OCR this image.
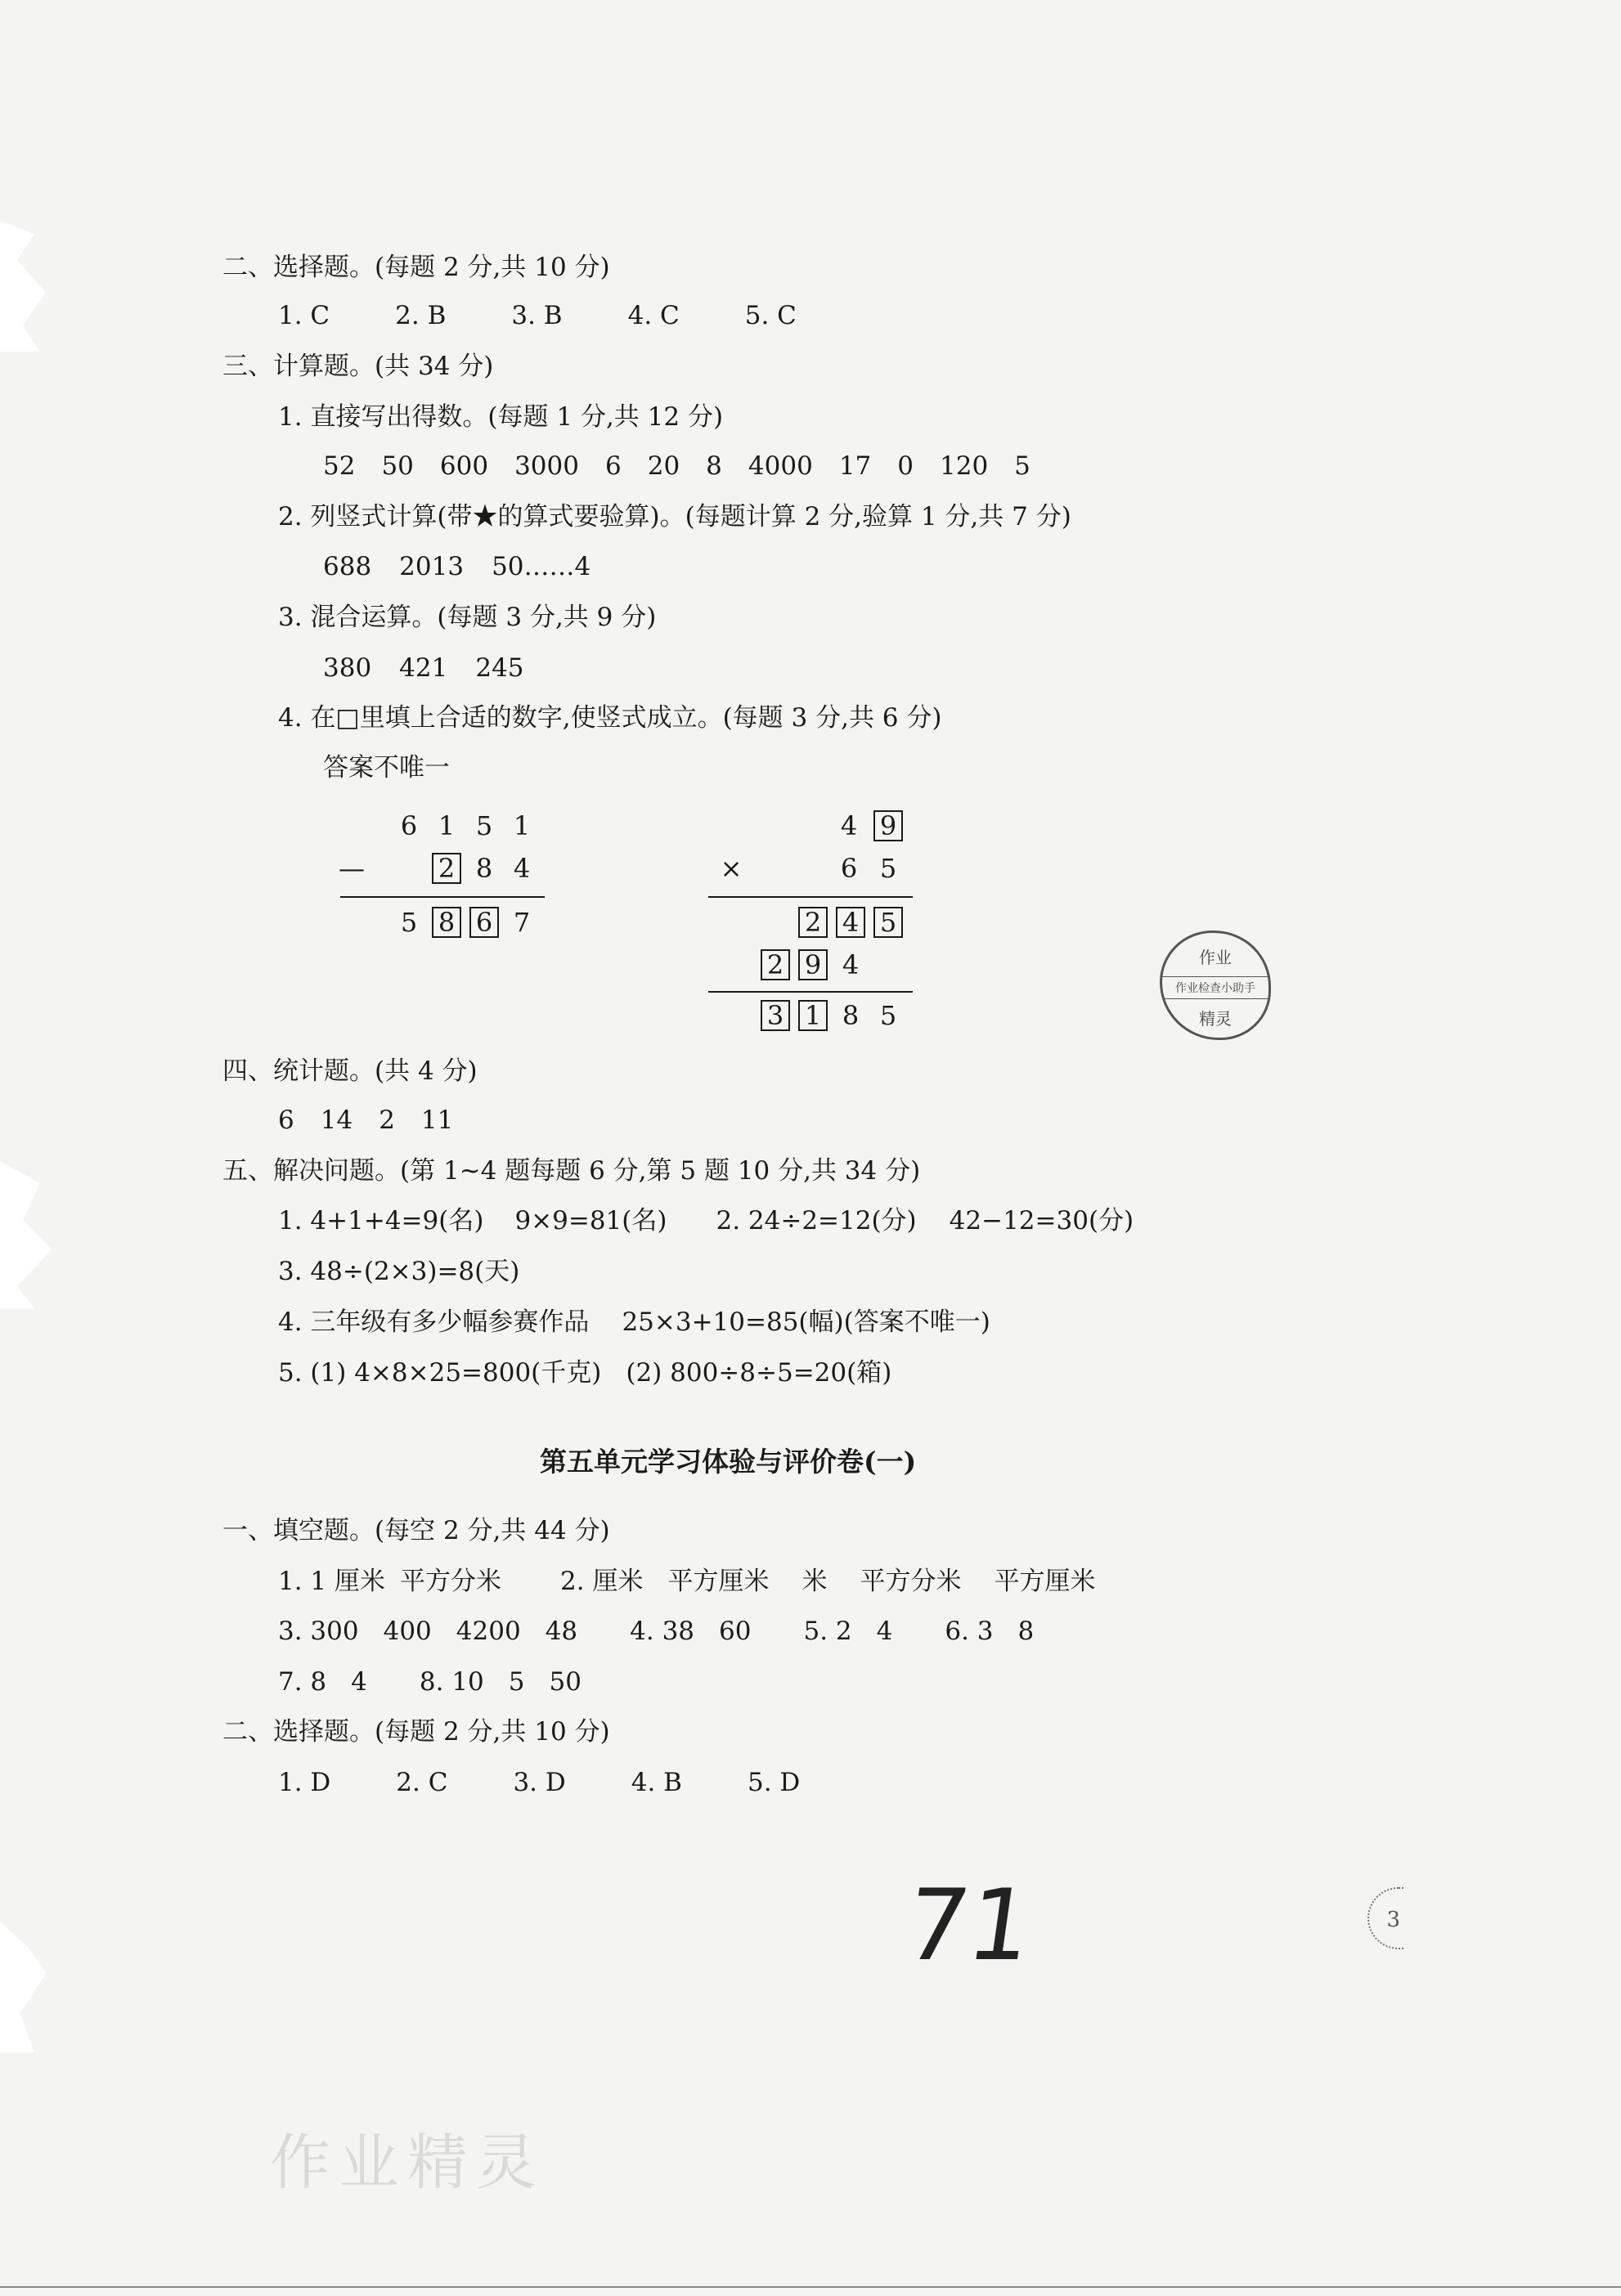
二、选择题。(每题 2 分,共 10 分)
1. C	2. B	3. B	4. C	5. C
三、计算题。(共 34 分)
1. 直接写出得数。(每题 1 分,共 12 分)
52 50 600 3000 6 20 8 4000 17 0 120 5
2. 列竖式计算(带★的算式要验算)。(每题计算 2 分,验算 1 分,共 7 分)
688 2013 50……4
3. 混合运算。(每题 3 分,共 9 分)
380 421 245
4. 在□里填上合适的数字,使竖式成立。(每题 3 分,共 6 分)
答案不唯一
6 1 5 1
—	2 8 4
5 8 6 7
4 9
×	6 5
2 4 5
2 9 4
3 1 8 5
作业
作业检查小助手
精灵
四、统计题。(共 4 分)
6 14 2 11
五、解决问题。(第 1~4 题每题 6 分,第 5 题 10 分,共 34 分)
1. 4+1+4=9(名) 9×9=81(名) 2. 24÷2=12(分) 42−12=30(分)
3. 48÷(2×3)=8(天)
4. 三年级有多少幅参赛作品 25×3+10=85(幅)(答案不唯一)
5. (1) 4×8×25=800(千克) (2) 800÷8÷5=20(箱)
第五单元学习体验与评价卷(一)
一、填空题。(每空 2 分,共 44 分)
1. 1 厘米 平方分米 2. 厘米 平方厘米 米 平方分米 平方厘米
3. 300 400 4200 48 4. 38 60 5. 2 4 6. 3 8
7. 8 4 8. 10 5 50
二、选择题。(每题 2 分,共 10 分)
1. D	2. C	3. D	4. B	5. D
71	3
作业精灵
